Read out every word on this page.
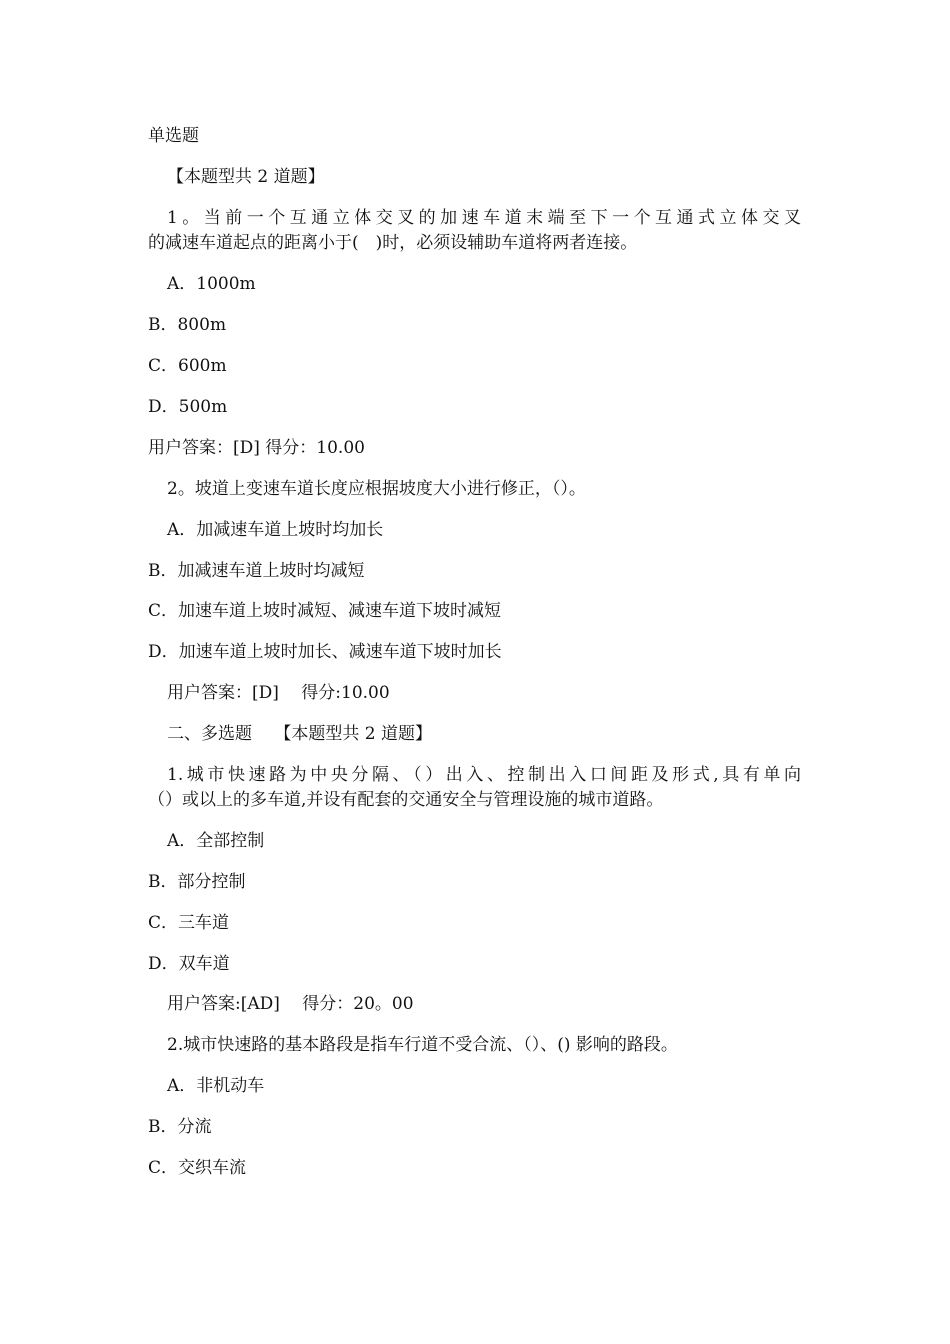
单选题
【本题型共 2 道题】
1。当前一个互通立体交叉的加速车道末端至下一个互通式立体交叉
的减速车道起点的距离小于(　)时，必须设辅助车道将两者连接。
A．1000m
B．800m
C．600m
D．500m
用户答案：[D] 得分：10.00
2。坡道上变速车道长度应根据坡度大小进行修正，（）。
A．加减速车道上坡时均加长
B．加减速车道上坡时均减短
C．加速车道上坡时减短、减速车道下坡时减短
D．加速车道上坡时加长、减速车道下坡时加长
用户答案：[D]　 得分:10.00
二、多选题　 【本题型共 2 道题】
1.城市快速路为中央分隔、（）出入、控制出入口间距及形式,具有单向
（）或以上的多车道,并设有配套的交通安全与管理设施的城市道路。
A．全部控制
B．部分控制
C．三车道
D．双车道
用户答案:[AD]　 得分：20。00
2.城市快速路的基本路段是指车行道不受合流、（）、() 影响的路段。
A．非机动车
B．分流
C．交织车流
